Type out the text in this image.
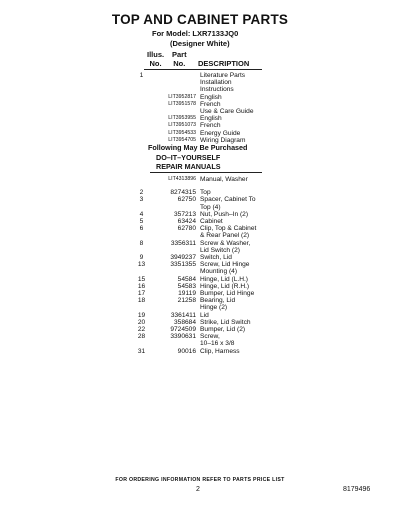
TOP AND CABINET PARTS
For Model: LXR7133JQ0
(Designer White)
Illus.
No.
Part
No. DESCRIPTION
1	Literature Parts
Installation
Instructions
LIT3952817 English
LIT3951578 French
Use & Care Guide
LIT3953955 English
LIT3951073 French
LIT3954533 Energy Guide
LIT3954705 Wiring Diagram
Following May Be Purchased
DO–IT–YOURSELF
REPAIR MANUALS
LIT4313896 Manual, Washer
2	8274315 Top
3	62750 Spacer, Cabinet To
Top (4)
4	357213 Nut, Push–In (2)
5	63424 Cabinet
6	62780 Clip, Top & Cabinet
& Rear Panel (2)
8	3356311 Screw & Washer,
Lid Switch (2)
9	3949237 Switch, Lid
13	3351355 Screw, Lid Hinge
Mounting (4)
15	54584 Hinge, Lid (L.H.)
16	54583 Hinge, Lid (R.H.)
17	19119 Bumper, Lid Hinge
18	21258 Bearing, Lid
Hinge (2)
19	3361411 Lid
20	358684 Strike, Lid Switch
22	9724509 Bumper, Lid (2)
28	3390631 Screw,
10–16 x 3/8
31	90016 Clip, Harness
FOR ORDERING INFORMATION REFER TO PARTS PRICE LIST
2	8179496
